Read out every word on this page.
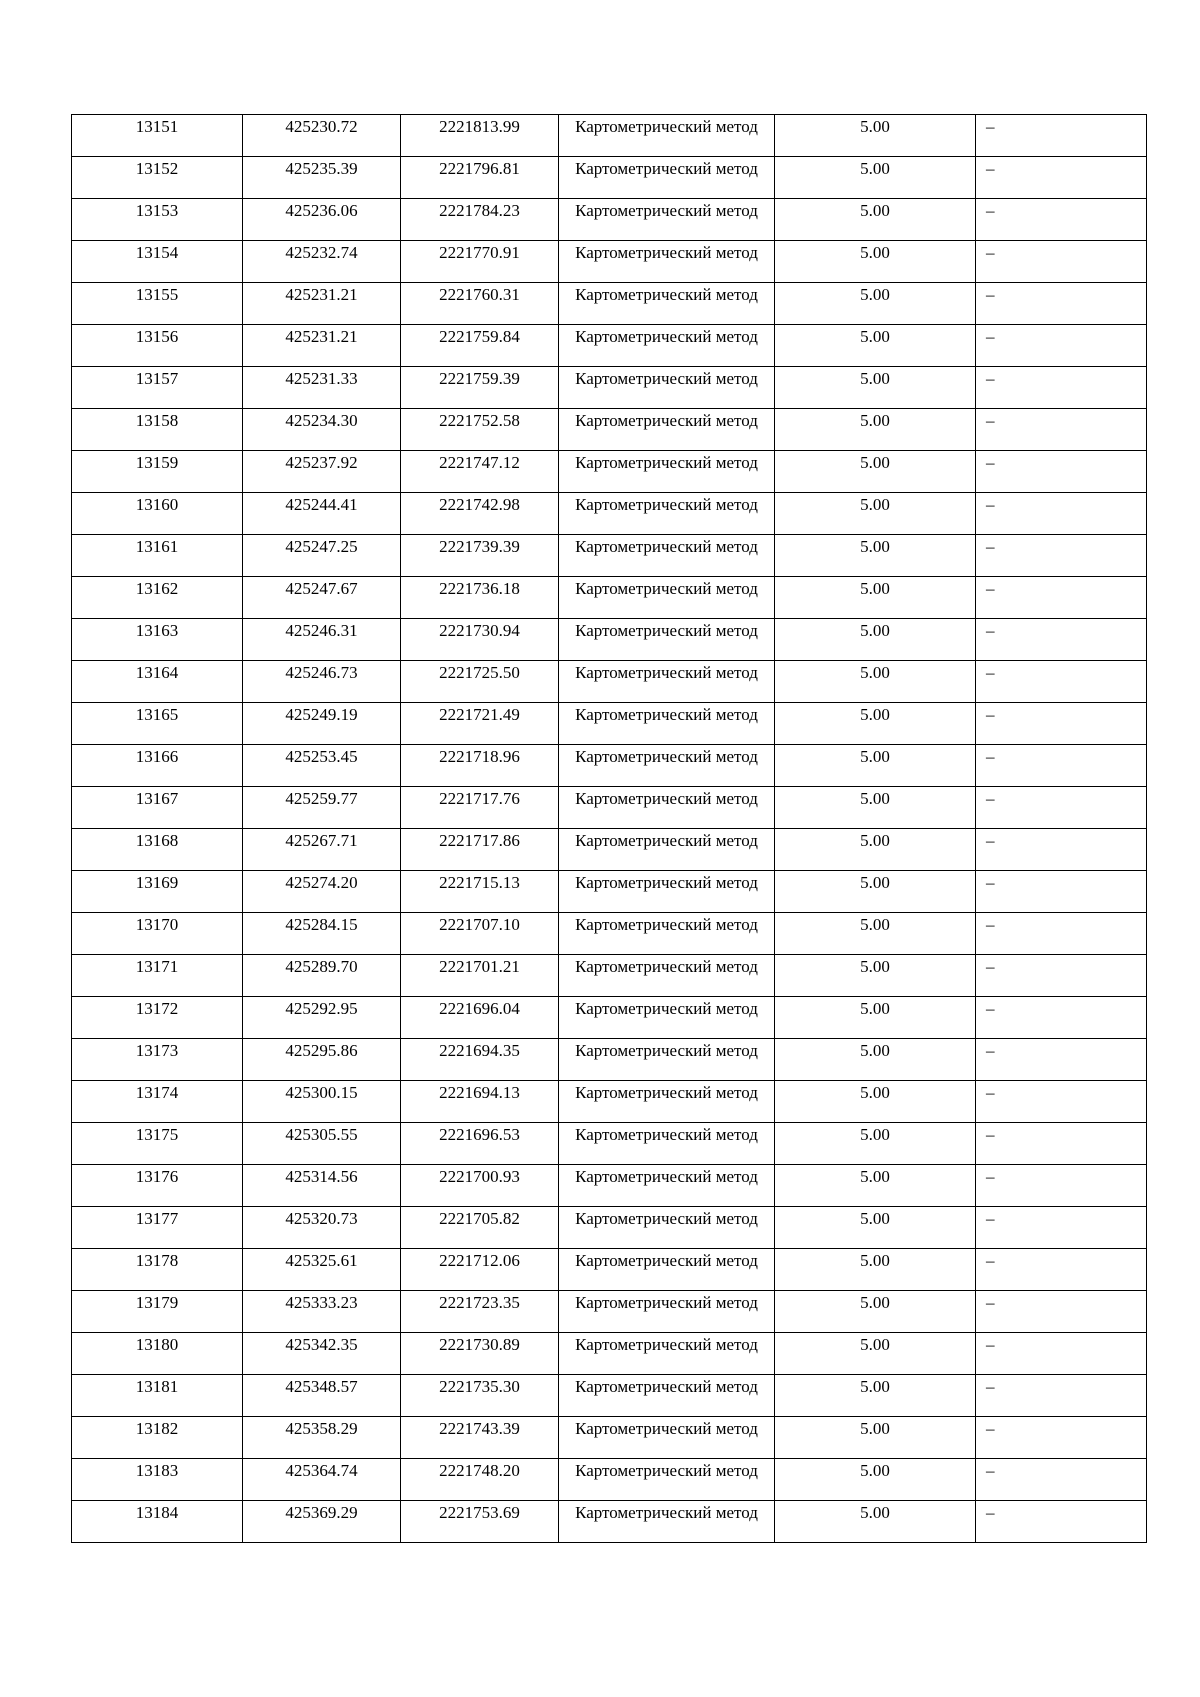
13151	425230.72	2221813.99	Картометрический метод	5.00	–

13152	425235.39	2221796.81	Картометрический метод	5.00	–

13153	425236.06	2221784.23	Картометрический метод	5.00	–

13154	425232.74	2221770.91	Картометрический метод	5.00	–

13155	425231.21	2221760.31	Картометрический метод	5.00	–

13156	425231.21	2221759.84	Картометрический метод	5.00	–

13157	425231.33	2221759.39	Картометрический метод	5.00	–

13158	425234.30	2221752.58	Картометрический метод	5.00	–

13159	425237.92	2221747.12	Картометрический метод	5.00	–

13160	425244.41	2221742.98	Картометрический метод	5.00	–

13161	425247.25	2221739.39	Картометрический метод	5.00	–

13162	425247.67	2221736.18	Картометрический метод	5.00	–

13163	425246.31	2221730.94	Картометрический метод	5.00	–

13164	425246.73	2221725.50	Картометрический метод	5.00	–

13165	425249.19	2221721.49	Картометрический метод	5.00	–

13166	425253.45	2221718.96	Картометрический метод	5.00	–

13167	425259.77	2221717.76	Картометрический метод	5.00	–

13168	425267.71	2221717.86	Картометрический метод	5.00	–

13169	425274.20	2221715.13	Картометрический метод	5.00	–

13170	425284.15	2221707.10	Картометрический метод	5.00	–

13171	425289.70	2221701.21	Картометрический метод	5.00	–

13172	425292.95	2221696.04	Картометрический метод	5.00	–

13173	425295.86	2221694.35	Картометрический метод	5.00	–

13174	425300.15	2221694.13	Картометрический метод	5.00	–

13175	425305.55	2221696.53	Картометрический метод	5.00	–

13176	425314.56	2221700.93	Картометрический метод	5.00	–

13177	425320.73	2221705.82	Картометрический метод	5.00	–

13178	425325.61	2221712.06	Картометрический метод	5.00	–

13179	425333.23	2221723.35	Картометрический метод	5.00	–

13180	425342.35	2221730.89	Картометрический метод	5.00	–

13181	425348.57	2221735.30	Картометрический метод	5.00	–

13182	425358.29	2221743.39	Картометрический метод	5.00	–

13183	425364.74	2221748.20	Картометрический метод	5.00	–

13184	425369.29	2221753.69	Картометрический метод	5.00	–
